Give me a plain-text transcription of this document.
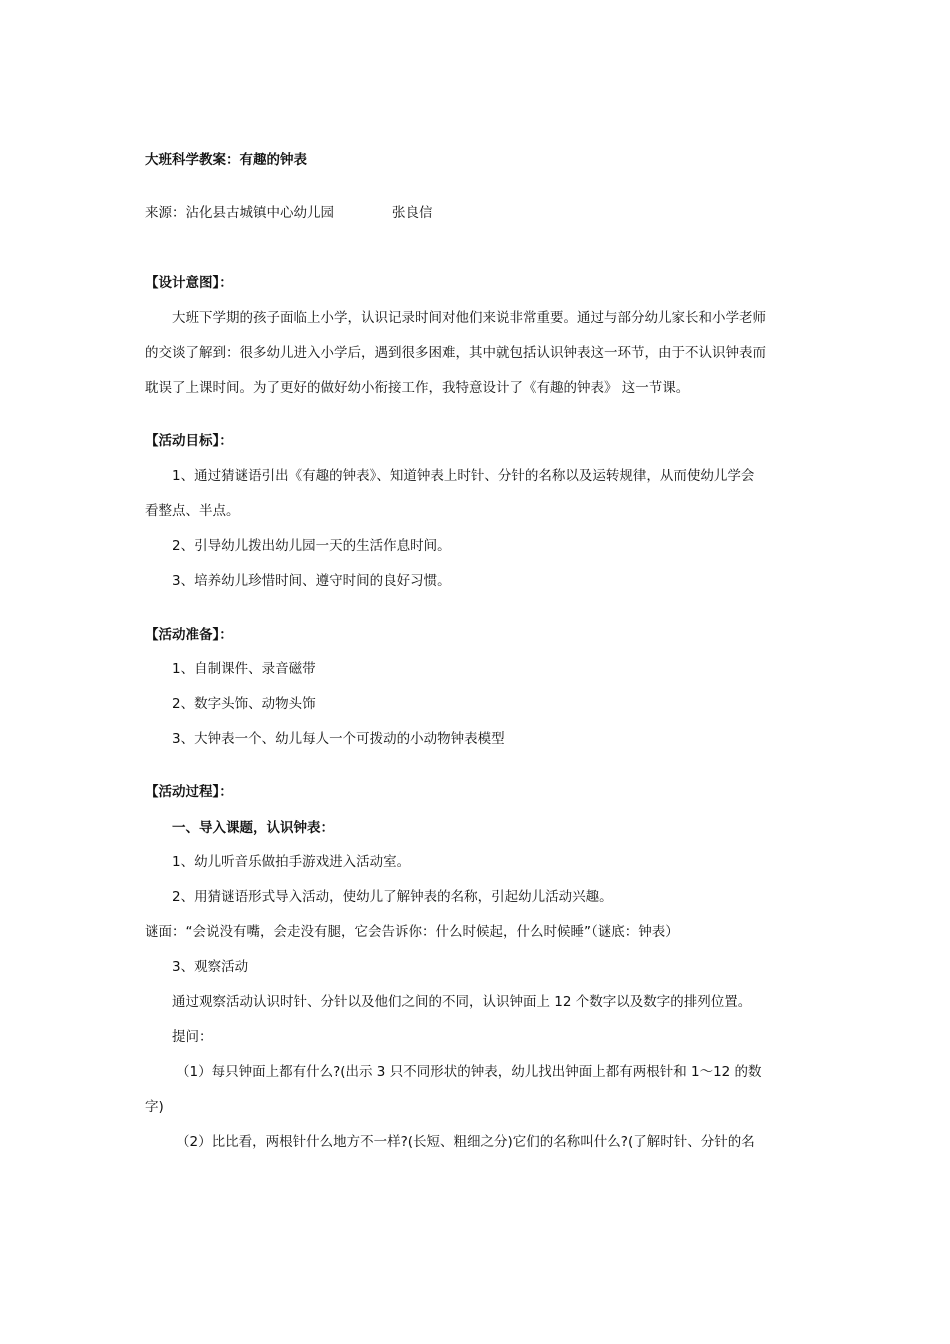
大班科学教案：有趣的钟表
来源：沾化县古城镇中心幼儿园	张良信
【设计意图】：
大班下学期的孩子面临上小学，认识记录时间对他们来说非常重要。通过与部分幼儿家长和小学老师
的交谈了解到：很多幼儿进入小学后，遇到很多困难，其中就包括认识钟表这一环节，由于不认识钟表而
耽误了上课时间。为了更好的做好幼小衔接工作，我特意设计了《有趣的钟表》 这一节课。
【活动目标】：
1、通过猜谜语引出《有趣的钟表》、知道钟表上时针、分针的名称以及运转规律，从而使幼儿学会
看整点、半点。
2、引导幼儿拨出幼儿园一天的生活作息时间。
3、培养幼儿珍惜时间、遵守时间的良好习惯。
【活动准备】：
1、自制课件、录音磁带
2、数字头饰、动物头饰
3、大钟表一个、幼儿每人一个可拨动的小动物钟表模型
【活动过程】：
一、导入课题，认识钟表：
1、幼儿听音乐做拍手游戏进入活动室。
2、用猜谜语形式导入活动，使幼儿了解钟表的名称，引起幼儿活动兴趣。
谜面：“会说没有嘴，会走没有腿，它会告诉你：什么时候起，什么时候睡”（谜底：钟表）
3、观察活动
通过观察活动认识时针、分针以及他们之间的不同，认识钟面上 12 个数字以及数字的排列位置。
提问：
（1）每只钟面上都有什么?(出示 3 只不同形状的钟表，幼儿找出钟面上都有两根针和 1～12 的数
字)
（2）比比看，两根针什么地方不一样?(长短、粗细之分)它们的名称叫什么?(了解时针、分针的名
